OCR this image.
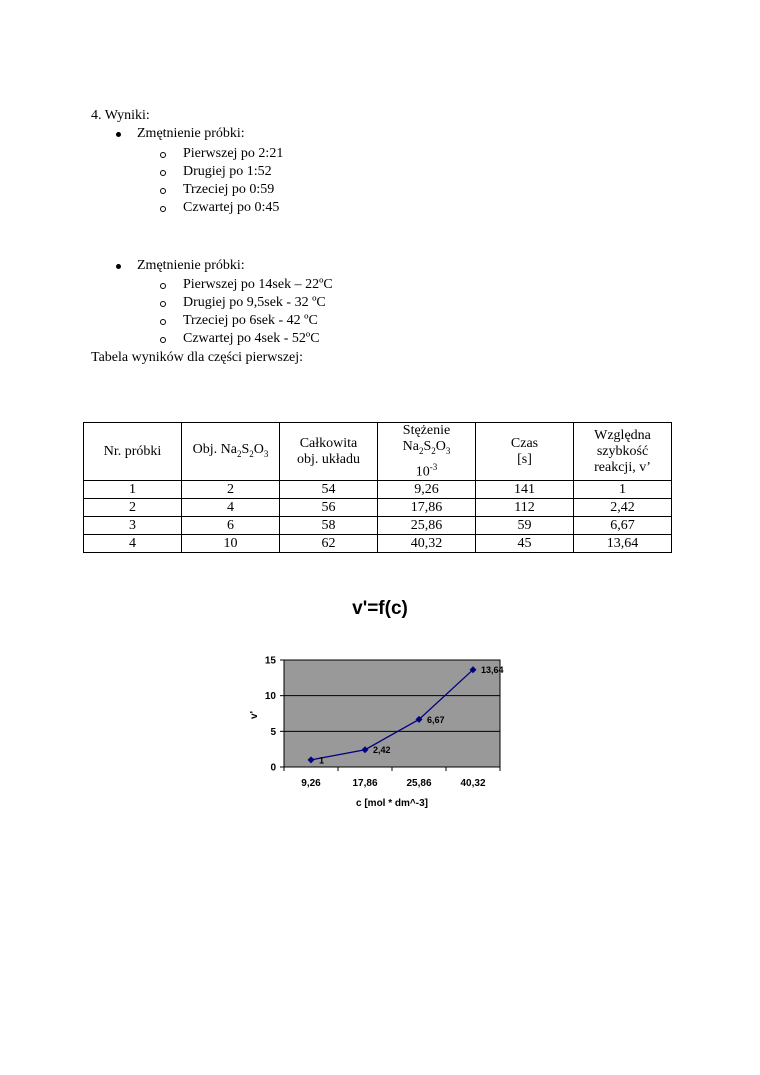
4. Wyniki:
Zmętnienie próbki:
Pierwszej po 2:21
Drugiej po 1:52
Trzeciej po 0:59
Czwartej po 0:45
Zmętnienie próbki:
Pierwszej po 14sek – 22ºC
Drugiej po 9,5sek - 32 ºC
Trzeciej po 6sek - 42 ºC
Czwartej po 4sek - 52ºC
Tabela wyników dla części pierwszej:
Nr. próbki	Obj. $Na_2S_2O_3$	Całkowita
obj. układu	Stężenie
$Na_2S_2O_3$
$10^{-3}$	Czas
[s]	Względna
szybkość
reakcji, v’
1	2	54	9,26	141	1
2	4	56	17,86	112	2,42
3	6	58	25,86	59	6,67
4	10	62	40,32	45	13,64
v'=f(c)
0
5
10
15
9,26	17,86	25,86	40,32
1
2,42
6,67
13,64
c [mol * dm^-3]
v'
